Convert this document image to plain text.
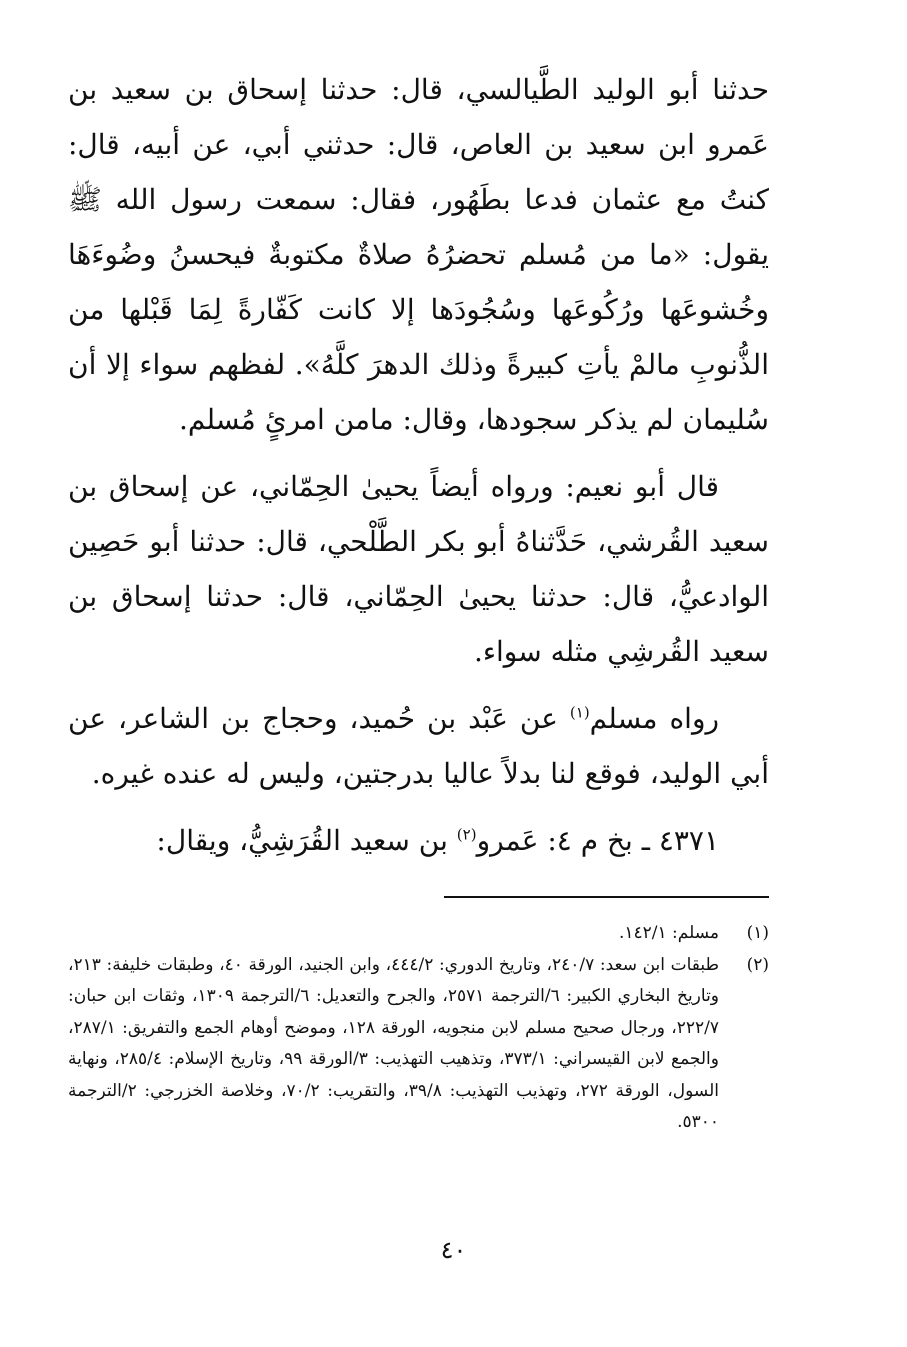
حدثنا أبو الوليد الطَّيالسي، قال: حدثنا إسحاق بن سعيد بن عَمرو ابن سعيد بن العاص، قال: حدثني أبي، عن أبيه، قال: كنتُ مع عثمان فدعا بطَهُور، فقال: سمعت رسول الله ﷺ يقول: «ما من مُسلم تحضرُهُ صلاةٌ مكتوبةٌ فيحسنُ وضُوءَهَا وخُشوعَها ورُكُوعَها وسُجُودَها إلا كانت كَفّارةً لِمَا قَبْلها من الذُّنوبِ مالمْ يأتِ كبيرةً وذلك الدهرَ كلَّهُ». لفظهم سواء إلا أن سُليمان لم يذكر سجودها، وقال: مامن امرئٍ مُسلم.

قال أبو نعيم: ورواه أيضاً يحيىٰ الحِمّاني، عن إسحاق بن سعيد القُرشي، حَدَّثناهُ أبو بكر الطَّلْحي، قال: حدثنا أبو حَصِين الوادعيُّ، قال: حدثنا يحيىٰ الحِمّاني، قال: حدثنا إسحاق بن سعيد القُرشِي مثله سواء.

رواه مسلم$^{(١)}$ عن عَبْد بن حُميد، وحجاج بن الشاعر، عن أبي الوليد، فوقع لنا بدلاً عاليا بدرجتين، وليس له عنده غيره.

٤٣٧١ ـ بخ م ٤: عَمرو$^{(٢)}$ بن سعيد القُرَشِيُّ، ويقال:

(١)
مسلم: ١٤٢/١.
(٢)
طبقات ابن سعد: ٢٤٠/٧، وتاريخ الدوري: ٤٤٤/٢، وابن الجنيد، الورقة ٤٠، وطبقات خليفة: ٢١٣، وتاريخ البخاري الكبير: ٦/الترجمة ٢٥٧١، والجرح والتعديل: ٦/الترجمة ١٣٠٩، وثقات ابن حبان: ٢٢٢/٧، ورجال صحيح مسلم لابن منجويه، الورقة ١٢٨، وموضح أوهام الجمع والتفريق: ٢٨٧/١، والجمع لابن القيسراني: ٣٧٣/١، وتذهيب التهذيب: ٣/الورقة ٩٩، وتاريخ الإسلام: ٢٨٥/٤، ونهاية السول، الورقة ٢٧٢، وتهذيب التهذيب: ٣٩/٨، والتقريب: ٧٠/٢، وخلاصة الخزرجي: ٢/الترجمة ٥٣٠٠.
٤٠
